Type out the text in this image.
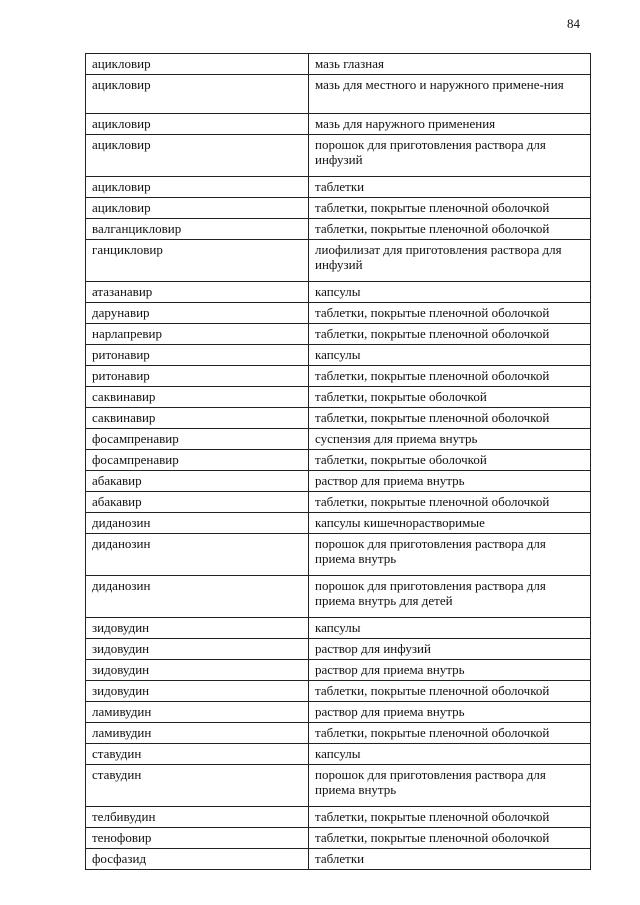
84
ацикловир	мазь глазная
ацикловир	мазь для местного и наружного примене-ния
ацикловир	мазь для наружного применения
ацикловир	порошок для приготовления раствора для инфузий
ацикловир	таблетки
ацикловир	таблетки, покрытые пленочной оболочкой
валганцикловир	таблетки, покрытые пленочной оболочкой
ганцикловир	лиофилизат для приготовления раствора для инфузий
атазанавир	капсулы
дарунавир	таблетки, покрытые пленочной оболочкой
нарлапревир	таблетки, покрытые пленочной оболочкой
ритонавир	капсулы
ритонавир	таблетки, покрытые пленочной оболочкой
саквинавир	таблетки, покрытые оболочкой
саквинавир	таблетки, покрытые пленочной оболочкой
фосампренавир	суспензия для приема внутрь
фосампренавир	таблетки, покрытые оболочкой
абакавир	раствор для приема внутрь
абакавир	таблетки, покрытые пленочной оболочкой
диданозин	капсулы кишечнорастворимые
диданозин	порошок для приготовления раствора для приема внутрь
диданозин	порошок для приготовления раствора для приема внутрь для детей
зидовудин	капсулы
зидовудин	раствор для инфузий
зидовудин	раствор для приема внутрь
зидовудин	таблетки, покрытые пленочной оболочкой
ламивудин	раствор для приема внутрь
ламивудин	таблетки, покрытые пленочной оболочкой
ставудин	капсулы
ставудин	порошок для приготовления раствора для приема внутрь
телбивудин	таблетки, покрытые пленочной оболочкой
тенофовир	таблетки, покрытые пленочной оболочкой
фосфазид	таблетки
